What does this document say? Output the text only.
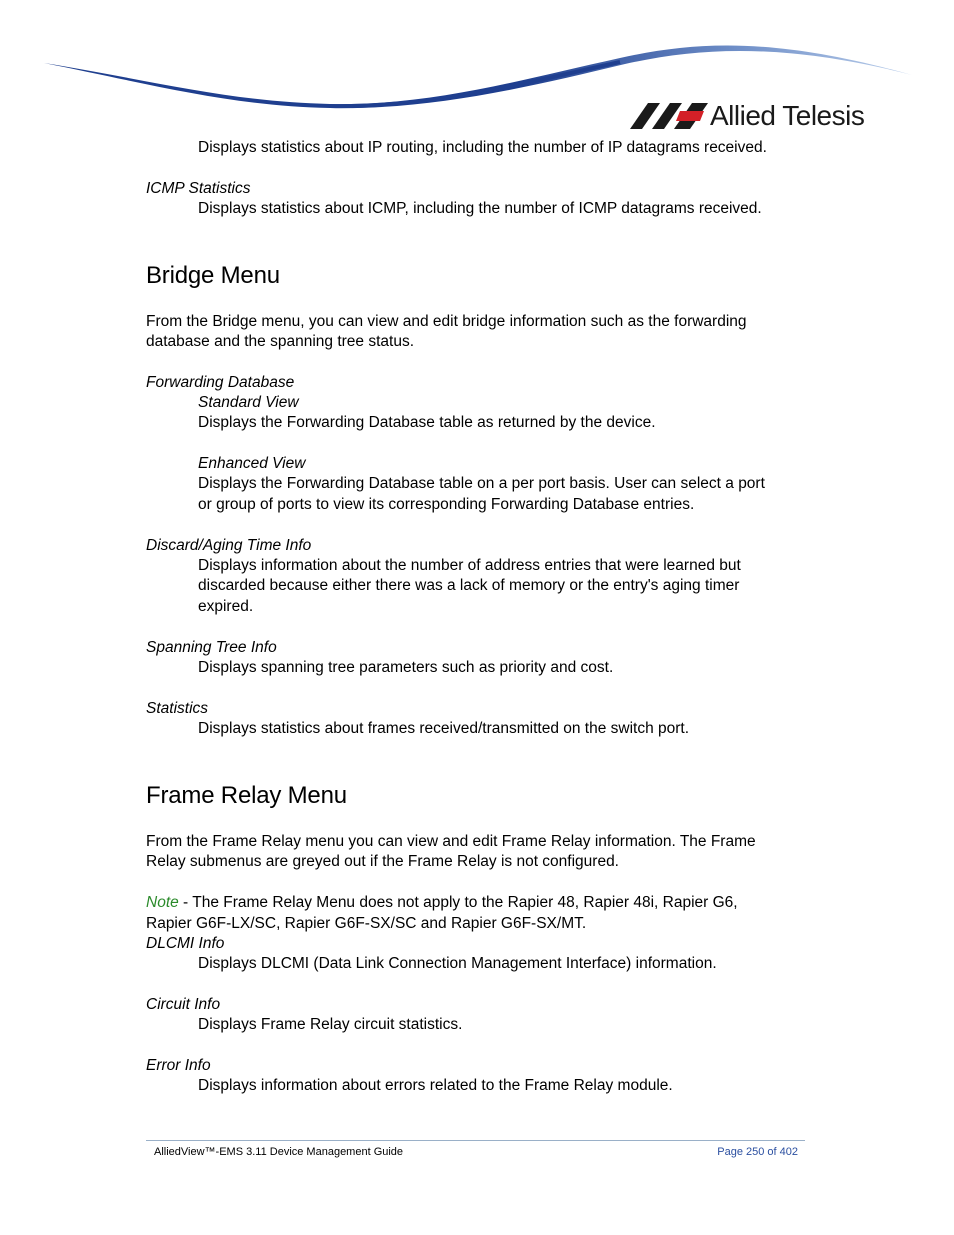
Allied Telesis
Displays statistics about IP routing, including the number of IP datagrams received.
ICMP Statistics
Displays statistics about ICMP, including the number of ICMP datagrams received.
Bridge Menu
From the Bridge menu, you can view and edit bridge information such as the forwarding
database and the spanning tree status.
Forwarding Database
Standard View
Displays the Forwarding Database table as returned by the device.
Enhanced View
Displays the Forwarding Database table on a per port basis. User can select a port
or group of ports to view its corresponding Forwarding Database entries.
Discard/Aging Time Info
Displays information about the number of address entries that were learned but
discarded because either there was a lack of memory or the entry's aging timer
expired.
Spanning Tree Info
Displays spanning tree parameters such as priority and cost.
Statistics
Displays statistics about frames received/transmitted on the switch port.
Frame Relay Menu
From the Frame Relay menu you can view and edit Frame Relay information. The Frame
Relay submenus are greyed out if the Frame Relay is not configured.
Note - The Frame Relay Menu does not apply to the Rapier 48, Rapier 48i, Rapier G6,
Rapier G6F-LX/SC, Rapier G6F-SX/SC and Rapier G6F-SX/MT.
DLCMI Info
Displays DLCMI (Data Link Connection Management Interface) information.
Circuit Info
Displays Frame Relay circuit statistics.
Error Info
Displays information about errors related to the Frame Relay module.
AlliedView™-EMS 3.11 Device Management Guide	Page 250 of 402
